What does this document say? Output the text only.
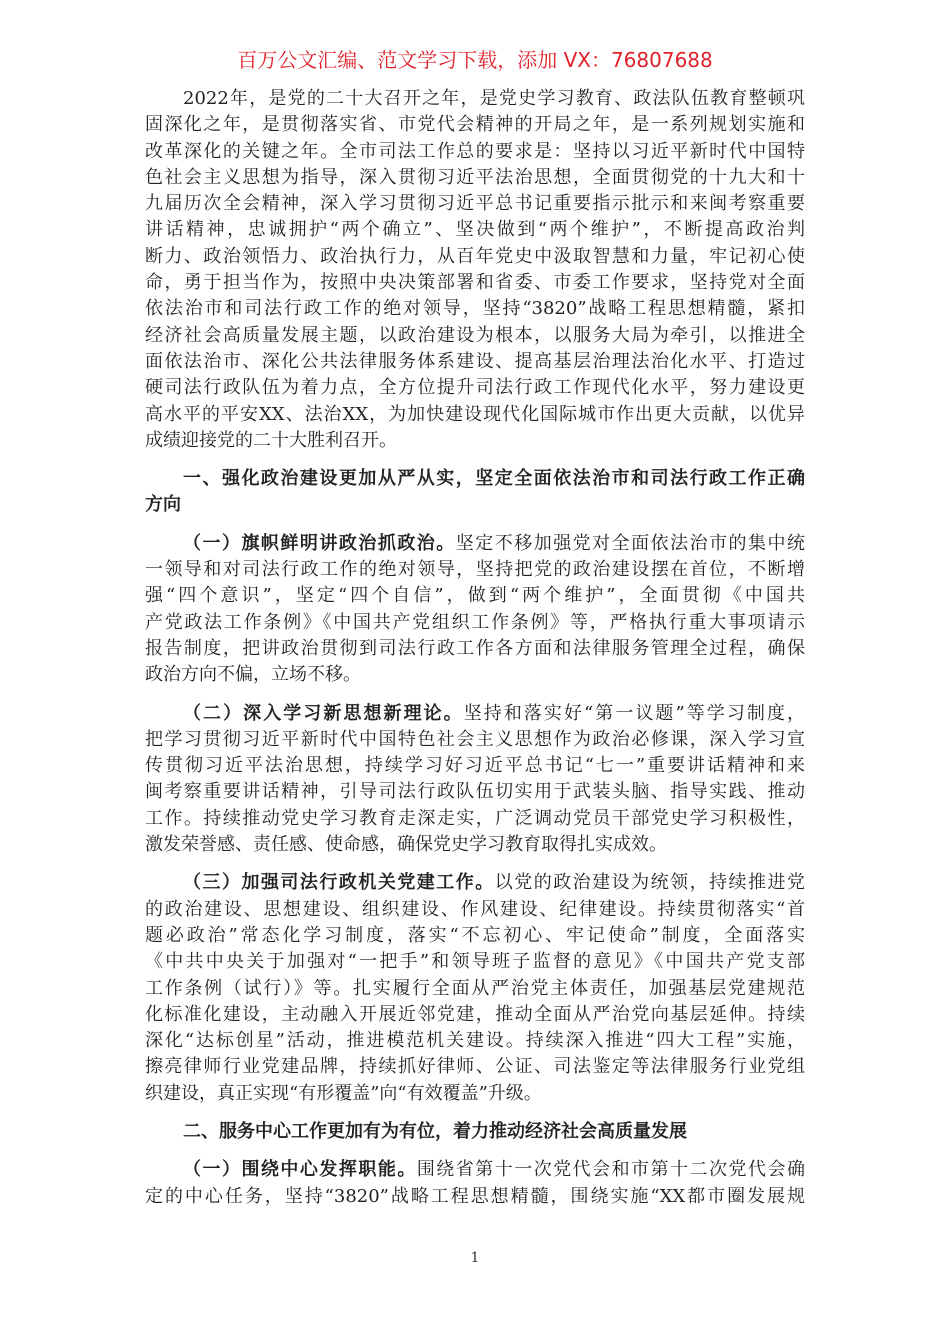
百万公文汇编、范文学习下载，添加 VX：76807688
2022年，是党的二十大召开之年，是党史学习教育、政法队伍教育整顿巩
固深化之年，是贯彻落实省、市党代会精神的开局之年，是一系列规划实施和
改革深化的关键之年。全市司法工作总的要求是：坚持以习近平新时代中国特
色社会主义思想为指导，深入贯彻习近平法治思想，全面贯彻党的十九大和十
九届历次全会精神，深入学习贯彻习近平总书记重要指示批示和来闽考察重要
讲话精神，忠诚拥护“两个确立”、坚决做到“两个维护”，不断提高政治判
断力、政治领悟力、政治执行力，从百年党史中汲取智慧和力量，牢记初心使
命，勇于担当作为，按照中央决策部署和省委、市委工作要求，坚持党对全面
依法治市和司法行政工作的绝对领导，坚持“3820”战略工程思想精髓，紧扣
经济社会高质量发展主题，以政治建设为根本，以服务大局为牵引，以推进全
面依法治市、深化公共法律服务体系建设、提高基层治理法治化水平、打造过
硬司法行政队伍为着力点，全方位提升司法行政工作现代化水平，努力建设更
高水平的平安XX、法治XX，为加快建设现代化国际城市作出更大贡献，以优异
成绩迎接党的二十大胜利召开。
一、强化政治建设更加从严从实，坚定全面依法治市和司法行政工作正确
方向
（一）旗帜鲜明讲政治抓政治。坚定不移加强党对全面依法治市的集中统
一领导和对司法行政工作的绝对领导，坚持把党的政治建设摆在首位，不断增
强“四个意识”，坚定“四个自信”，做到“两个维护”，全面贯彻《中国共
产党政法工作条例》《中国共产党组织工作条例》等，严格执行重大事项请示
报告制度，把讲政治贯彻到司法行政工作各方面和法律服务管理全过程，确保
政治方向不偏，立场不移。
（二）深入学习新思想新理论。坚持和落实好“第一议题”等学习制度，
把学习贯彻习近平新时代中国特色社会主义思想作为政治必修课，深入学习宣
传贯彻习近平法治思想，持续学习好习近平总书记“七一”重要讲话精神和来
闽考察重要讲话精神，引导司法行政队伍切实用于武装头脑、指导实践、推动
工作。持续推动党史学习教育走深走实，广泛调动党员干部党史学习积极性，
激发荣誉感、责任感、使命感，确保党史学习教育取得扎实成效。
（三）加强司法行政机关党建工作。以党的政治建设为统领，持续推进党
的政治建设、思想建设、组织建设、作风建设、纪律建设。持续贯彻落实“首
题必政治”常态化学习制度，落实“不忘初心、牢记使命”制度，全面落实
《中共中央关于加强对“一把手”和领导班子监督的意见》《中国共产党支部
工作条例（试行）》等。扎实履行全面从严治党主体责任，加强基层党建规范
化标准化建设，主动融入开展近邻党建，推动全面从严治党向基层延伸。持续
深化“达标创星”活动，推进模范机关建设。持续深入推进“四大工程”实施，
擦亮律师行业党建品牌，持续抓好律师、公证、司法鉴定等法律服务行业党组
织建设，真正实现“有形覆盖”向“有效覆盖”升级。
二、服务中心工作更加有为有位，着力推动经济社会高质量发展
（一）围绕中心发挥职能。围绕省第十一次党代会和市第十二次党代会确
定的中心任务，坚持“3820”战略工程思想精髓，围绕实施“XX都市圈发展规
1
